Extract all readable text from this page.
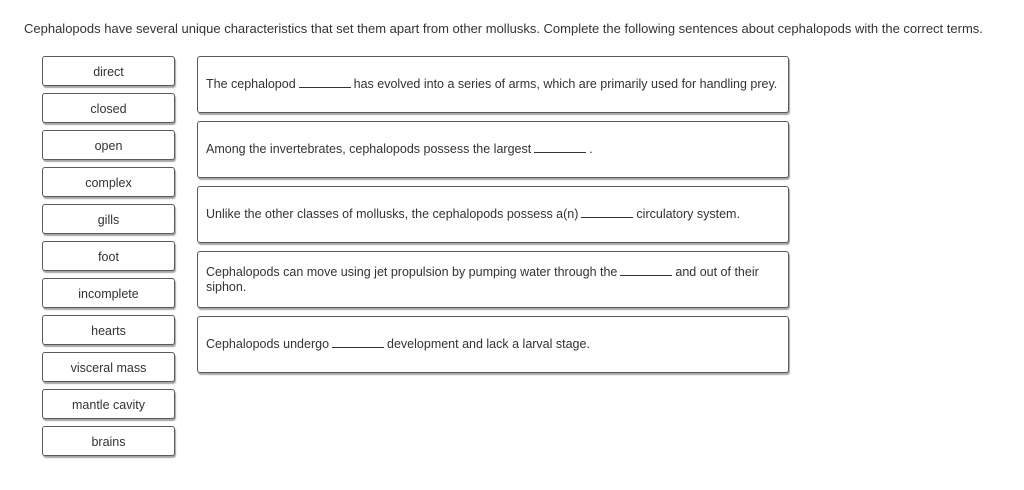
Cephalopods have several unique characteristics that set them apart from other mollusks. Complete the following sentences about cephalopods with the correct terms.
direct
closed
open
complex
gills
foot
incomplete
hearts
visceral mass
mantle cavity
brains
The cephalopod	has evolved into a series of arms, which are primarily used for handling prey.
Among the invertebrates, cephalopods possess the largest	.
Unlike the other classes of mollusks, the cephalopods possess a(n)	circulatory system.
Cephalopods can move using jet propulsion by pumping water through the	and out of their siphon.
Cephalopods undergo	development and lack a larval stage.
